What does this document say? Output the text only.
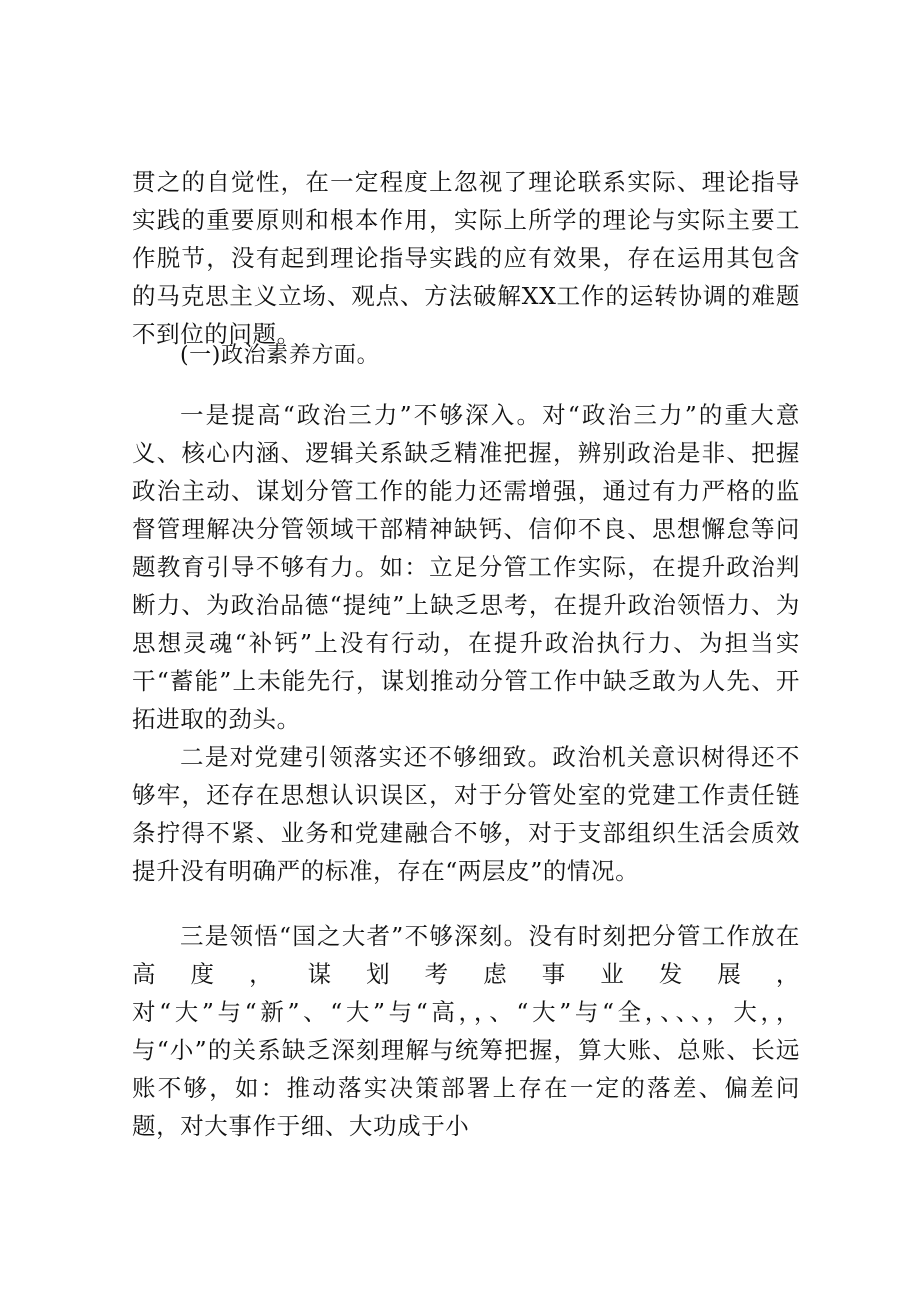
贯之的自觉性，在一定程度上忽视了理论联系实际、理论指导实践的重要原则和根本作用，实际上所学的理论与实际主要工作脱节，没有起到理论指导实践的应有效果，存在运用其包含的马克思主义立场、观点、方法破解XX工作的运转协调的难题不到位的问题。

(一)政治素养方面。

一是提高“政治三力”不够深入。对“政治三力”的重大意义、核心内涵、逻辑关系缺乏精准把握，辨别政治是非、把握政治主动、谋划分管工作的能力还需增强，通过有力严格的监督管理解决分管领域干部精神缺钙、信仰不良、思想懈怠等问题教育引导不够有力。如：立足分管工作实际，在提升政治判断力、为政治品德“提纯”上缺乏思考，在提升政治领悟力、为思想灵魂“补钙”上没有行动，在提升政治执行力、为担当实干“蓄能”上未能先行，谋划推动分管工作中缺乏敢为人先、开拓进取的劲头。

二是对党建引领落实还不够细致。政治机关意识树得还不够牢，还存在思想认识误区，对于分管处室的党建工作责任链条拧得不紧、业务和党建融合不够，对于支部组织生活会质效提升没有明确严的标准，存在“两层皮”的情况。

三是领悟“国之大者”不够深刻。没有时刻把分管工作放在高度，谋划考虑事业发展，对“大”与“新”、“大”与“高，，、“大”与“全，、、、，大，，与“小”的关系缺乏深刻理解与统筹把握，算大账、总账、长远账不够，如：推动落实决策部署上存在一定的落差、偏差问题，对大事作于细、大功成于小
